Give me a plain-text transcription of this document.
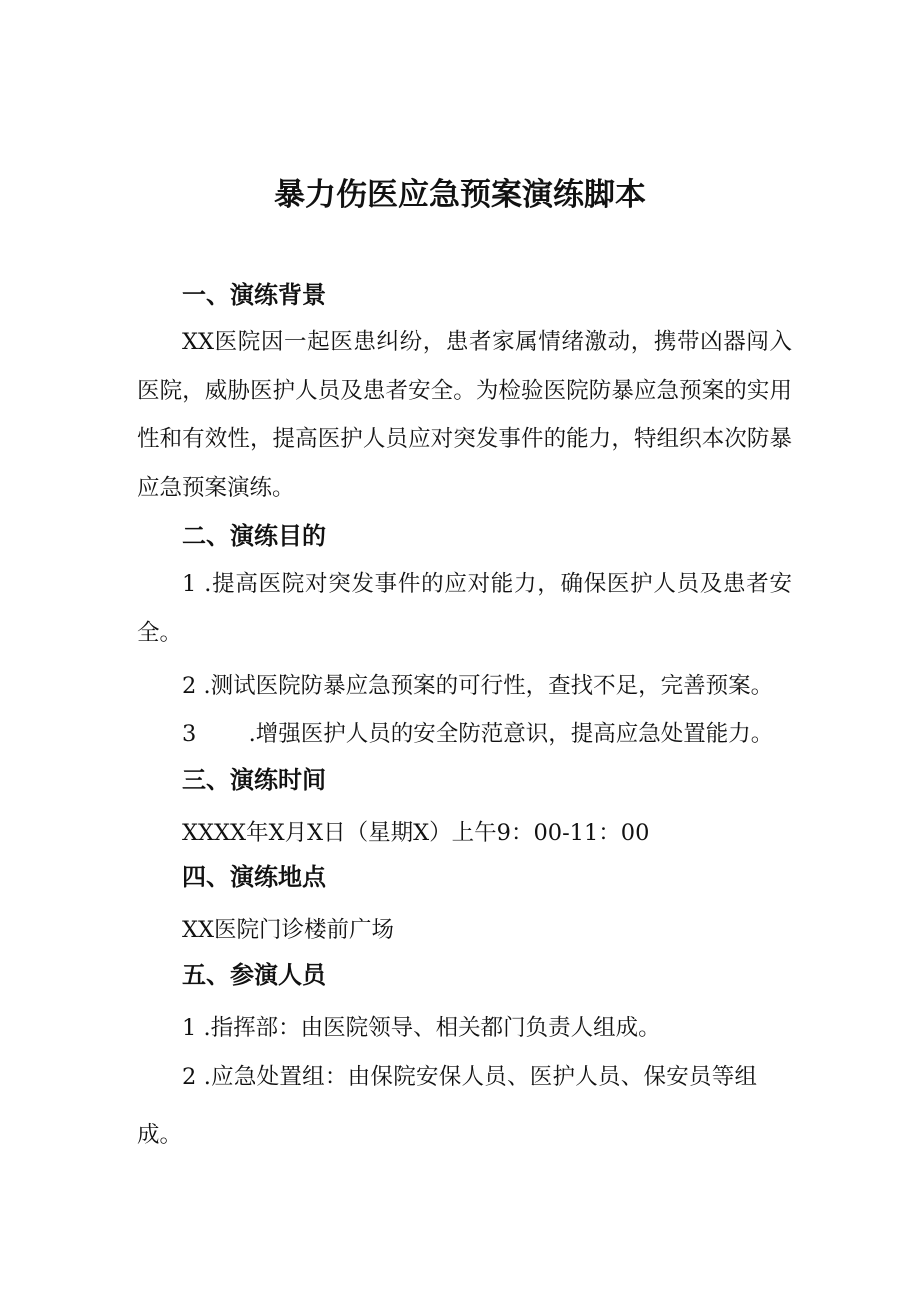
暴力伤医应急预案演练脚本
一、演练背景
XX医院因一起医患纠纷，患者家属情绪激动，携带凶器闯入医院，威胁医护人员及患者安全。为检验医院防暴应急预案的实用性和有效性，提高医护人员应对突发事件的能力，特组织本次防暴应急预案演练。
二、演练目的
1 .提高医院对突发事件的应对能力，确保医护人员及患者安全。
2 .测试医院防暴应急预案的可行性，查找不足，完善预案。
3 .增强医护人员的安全防范意识，提高应急处置能力。
三、演练时间
XXXX年X月X日（星期X）上午9：00-11：00
四、演练地点
XX医院门诊楼前广场
五、参演人员
1 .指挥部：由医院领导、相关都门负责人组成。
2 .应急处置组：由保院安保人员、医护人员、保安员等组成。
